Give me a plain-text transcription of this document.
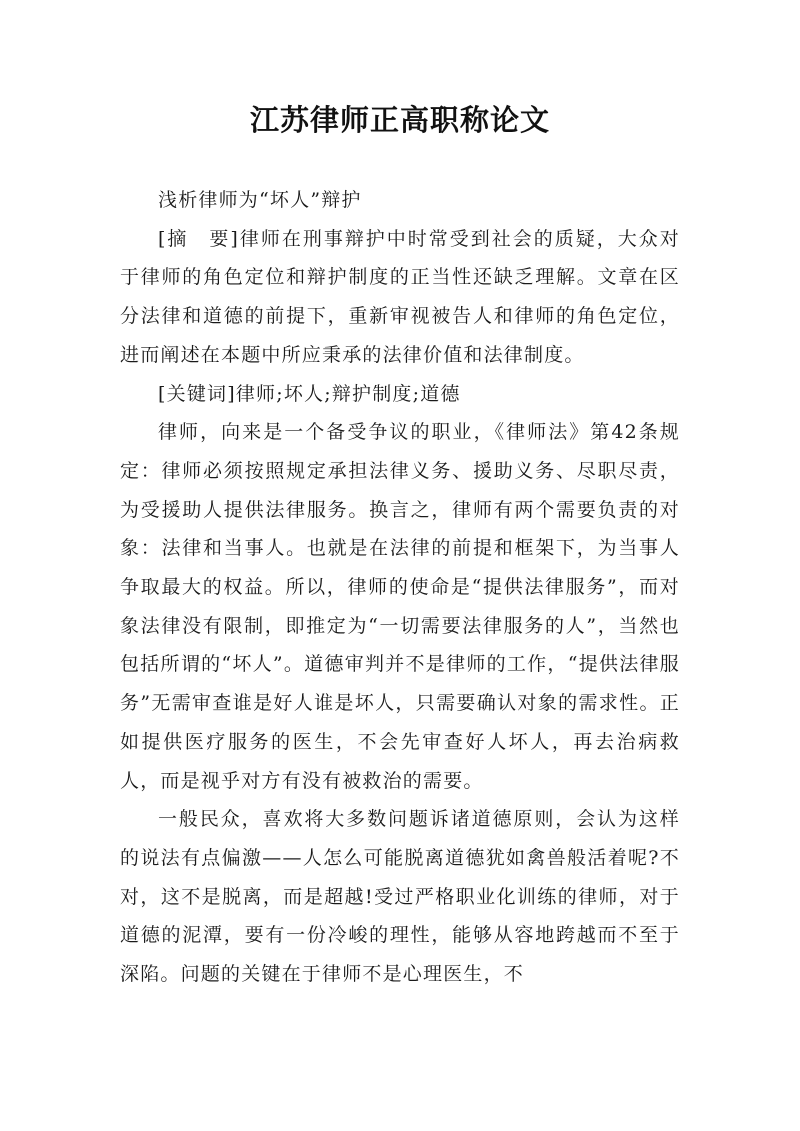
江苏律师正高职称论文

浅析律师为“坏人”辩护

[摘　要]律师在刑事辩护中时常受到社会的质疑，大众对于律师的角色定位和辩护制度的正当性还缺乏理解。文章在区分法律和道德的前提下，重新审视被告人和律师的角色定位，进而阐述在本题中所应秉承的法律价值和法律制度。

[关键词]律师;坏人;辩护制度;道德

律师，向来是一个备受争议的职业，《律师法》第42条规定：律师必须按照规定承担法律义务、援助义务、尽职尽责，为受援助人提供法律服务。换言之，律师有两个需要负责的对象：法律和当事人。也就是在法律的前提和框架下，为当事人争取最大的权益。所以，律师的使命是“提供法律服务”，而对象法律没有限制，即推定为“一切需要法律服务的人”，当然也包括所谓的“坏人”。道德审判并不是律师的工作，“提供法律服务”无需审查谁是好人谁是坏人，只需要确认对象的需求性。正如提供医疗服务的医生，不会先审查好人坏人，再去治病救人，而是视乎对方有没有被救治的需要。

一般民众，喜欢将大多数问题诉诸道德原则，会认为这样的说法有点偏激——人怎么可能脱离道德犹如禽兽般活着呢?不对，这不是脱离，而是超越!受过严格职业化训练的律师，对于道德的泥潭，要有一份冷峻的理性，能够从容地跨越而不至于深陷。问题的关键在于律师不是心理医生，不
